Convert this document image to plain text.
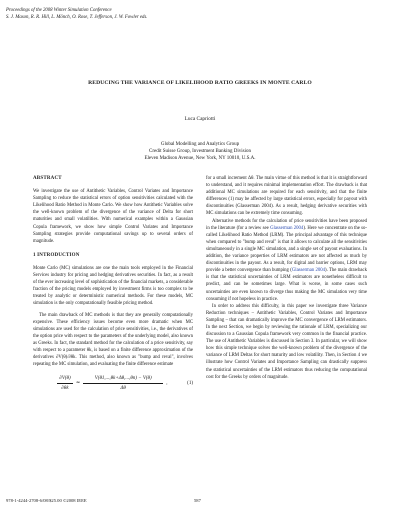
Proceedings of the 2008 Winter Simulation Conference
S. J. Mason, R. R. Hill, L. Mönch, O. Rose, T. Jefferson, J. W. Fowler eds.
REDUCING THE VARIANCE OF LIKELIHOOD RATIO GREEKS IN MONTE CARLO
Luca Capriotti
Global Modelling and Analytics Group
Credit Suisse Group, Investment Banking Division
Eleven Madison Avenue, New York, NY 10010, U.S.A.
ABSTRACT

We investigate the use of Antithetic Variables, Control Variates and Importance Sampling to reduce the statistical errors of option sensitivities calculated with the Likelihood Ratio Method in Monte Carlo. We show how Antithetic Variables solve the well-known problem of the divergence of the variance of Delta for short maturities and small volatilities. With numerical examples within a Gaussian Copula framework, we show how simple Control Variates and Importance Sampling strategies provide computational savings up to several orders of magnitude.

1 INTRODUCTION

Monte Carlo (MC) simulations are one the main tools employed in the Financial Services industry for pricing and hedging derivatives securities. In fact, as a result of the ever increasing level of sophistication of the financial markets, a considerable fraction of the pricing models employed by investment firms is too complex to be treated by analytic or deterministic numerical methods. For these models, MC simulation is the only computationally feasible pricing method.

The main drawback of MC methods is that they are generally computationally expensive. These efficiency issues become even more dramatic when MC simulations are used for the calculation of price sensitivities, i.e., the derivatives of the option price with respect to the parameters of the underlying model, also known as Greeks. In fact, the standard method for the calculation of a price sensitivity, say with respect to a parameter θk, is based on a finite difference approximation of the derivatives ∂V(θ)/∂θk. This method, also known as "bump and reval", involves repeating the MC simulation, and evaluating the finite difference estimate

$\frac{\partial V(\theta)}{\partial\theta k}$ ≃ $\frac{V(\theta 1,...,\theta k+\Delta\theta,...,\theta n) - V(\theta)}{\Delta\theta}$ ,	(1)

for a small increment Δθ. The main virtue of this method is that it is straightforward to understand, and it requires minimal implementation effort. The drawback is that additional MC simulations are required for each sensitivity, and that the finite differences (1) may be affected by large statistical errors, especially for payout with discontinuities (Glasserman 2004). As a result, hedging derivative securities with MC simulations can be extremely time consuming.

Alternative methods for the calculation of price sensitivities have been proposed in the literature (for a review see Glasserman 2004). Here we concentrate on the so-called Likelihood Ratio Method (LRM). The principal advantage of this technique when compared to "bump and reval" is that it allows to calculate all the sensitivities simultaneously in a single MC simulation, and a single set of payout evaluations. In addition, the variance properties of LRM estimators are not affected as much by discontinuities in the payout. As a result, for digital and barrier options, LRM may provide a better convergence than bumping (Glasserman 2004). The main drawback is that the statistical uncertainties of LRM estimators are nonetheless difficult to predict, and can be sometimes large. What is worse, in some cases such uncertainties are even known to diverge thus making the MC simulation very time consuming if not hopeless in practice.

In order to address this difficulty, in this paper we investigate three Variance Reduction techniques – Antithetic Variables, Control Variates and Importance Sampling – that can dramatically improve the MC convergence of LRM estimators. In the next Section, we begin by reviewing the rationale of LRM, specializing our discussion to a Gaussian Copula framework very common in the financial practice. The use of Antithetic Variables is discussed in Section 3. In particular, we will show how this simple technique solves the well-known problem of the divergence of the variance of LRM Deltas for short maturity and low volatility. Then, in Section 4 we illustrate how Control Variates and Importance Sampling can drastically suppress the statistical uncertainties of the LRM estimators thus reducing the computational cost for the Greeks by orders of magnitude.

978-1-4244-2708-6/08/$25.00 ©2008 IEEE	587
